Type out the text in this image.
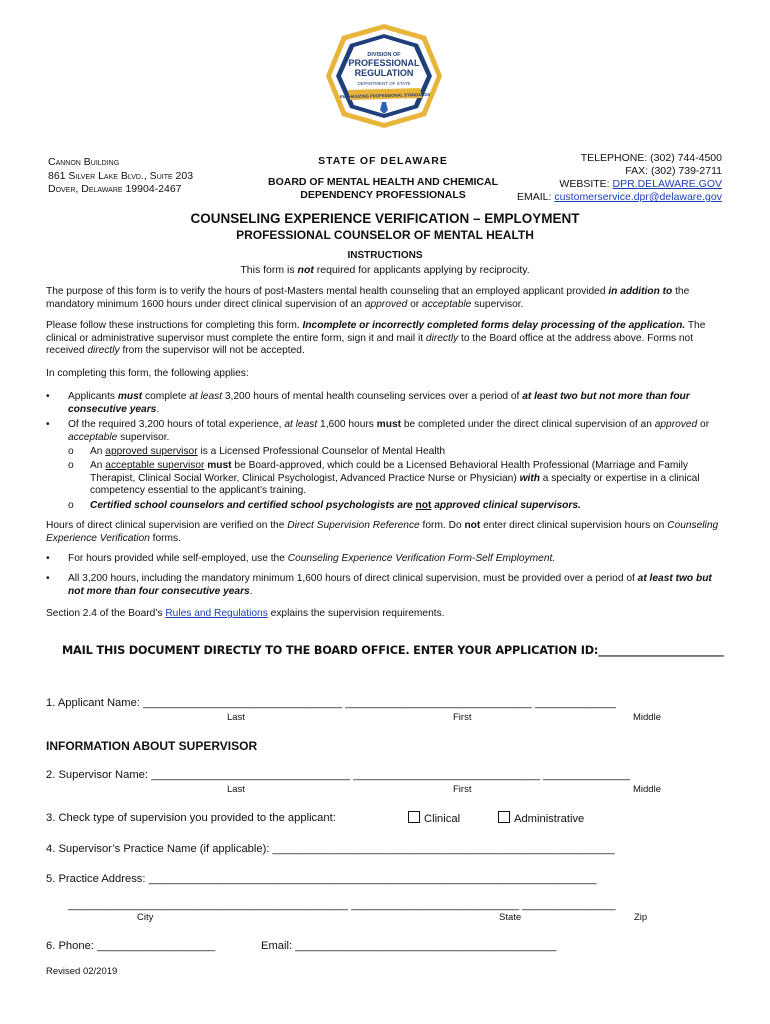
DIVISION OF
PROFESSIONAL
REGULATION
DEPARTMENT OF STATE
EMPHASIZING PROFESSIONAL STANDARDS
Cannon Building
861 Silver Lake Blvd., Suite 203
Dover, Delaware 19904-2467
STATE OF DELAWARE
BOARD OF MENTAL HEALTH AND CHEMICAL
DEPENDENCY PROFESSIONALS
TELEPHONE: (302) 744-4500
FAX: (302) 739-2711
WEBSITE: DPR.DELAWARE.GOV
EMAIL: customerservice.dpr@delaware.gov
COUNSELING EXPERIENCE VERIFICATION – EMPLOYMENT
PROFESSIONAL COUNSELOR OF MENTAL HEALTH
INSTRUCTIONS
This form is not required for applicants applying by reciprocity.
The purpose of this form is to verify the hours of post-Masters mental health counseling that an employed applicant provided in addition to the mandatory minimum 1600 hours under direct clinical supervision of an approved or acceptable supervisor.
Please follow these instructions for completing this form. Incomplete or incorrectly completed forms delay processing of the application. The clinical or administrative supervisor must complete the entire form, sign it and mail it directly to the Board office at the address above. Forms not received directly from the supervisor will not be accepted.
In completing this form, the following applies:
• Applicants must complete at least 3,200 hours of mental health counseling services over a period of at least two but not more than four consecutive years.
• Of the required 3,200 hours of total experience, at least 1,600 hours must be completed under the direct clinical supervision of an approved or acceptable supervisor.
o An approved supervisor is a Licensed Professional Counselor of Mental Health
o An acceptable supervisor must be Board-approved, which could be a Licensed Behavioral Health Professional (Marriage and Family Therapist, Clinical Social Worker, Clinical Psychologist, Advanced Practice Nurse or Physician) with a specialty or expertise in a clinical competency essential to the applicant’s training.
o Certified school counselors and certified school psychologists are not approved clinical supervisors.
Hours of direct clinical supervision are verified on the Direct Supervision Reference form. Do not enter direct clinical supervision hours on Counseling Experience Verification forms.
• For hours provided while self-employed, use the Counseling Experience Verification Form-Self Employment.
• All 3,200 hours, including the mandatory minimum 1,600 hours of direct clinical supervision, must be provided over a period of at least two but not more than four consecutive years.
Section 2.4 of the Board’s Rules and Regulations explains the supervision requirements.
MAIL THIS DOCUMENT DIRECTLY TO THE BOARD OFFICE. ENTER YOUR APPLICATION ID:_______________________
1. Applicant Name: ________________________________ ______________________________ _____________
Last	First	Middle
INFORMATION ABOUT SUPERVISOR
2. Supervisor Name: ________________________________ ______________________________ ______________
Last	First	Middle
3. Check type of supervision you provided to the applicant:	Clinical	Administrative
4. Supervisor’s Practice Name (if applicable): _______________________________________________________
5. Practice Address: ________________________________________________________________________
_____________________________________________ ___________________________ _______________
City	State	Zip
6. Phone: ___________________	Email: __________________________________________
Revised 02/2019
